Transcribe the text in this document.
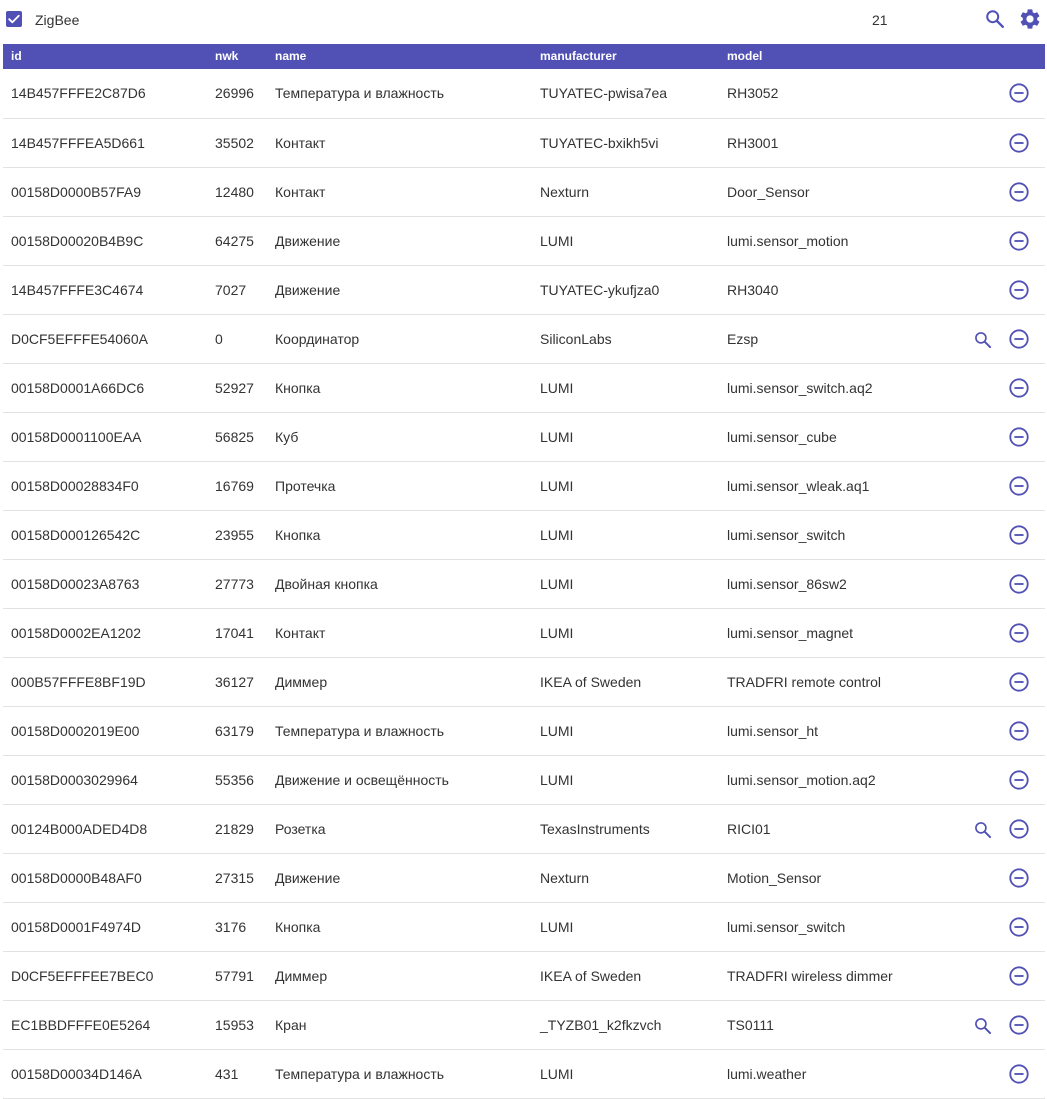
ZigBee	21
id	nwk	name	manufacturer	model	
14B457FFFE2C87D6	26996	Температура и влажность	TUYATEC-pwisa7ea	RH3052	

14B457FFFEA5D661	35502	Контакт	TUYATEC-bxikh5vi	RH3001	

00158D0000B57FA9	12480	Контакт	Nexturn	Door_Sensor	

00158D00020B4B9C	64275	Движение	LUMI	lumi.sensor_motion	

14B457FFFE3C4674	7027	Движение	TUYATEC-ykufjza0	RH3040	

D0CF5EFFFE54060A	0	Координатор	SiliconLabs	Ezsp	

00158D0001A66DC6	52927	Кнопка	LUMI	lumi.sensor_switch.aq2	

00158D0001100EAA	56825	Куб	LUMI	lumi.sensor_cube	

00158D00028834F0	16769	Протечка	LUMI	lumi.sensor_wleak.aq1	

00158D000126542C	23955	Кнопка	LUMI	lumi.sensor_switch	

00158D00023A8763	27773	Двойная кнопка	LUMI	lumi.sensor_86sw2	

00158D0002EA1202	17041	Контакт	LUMI	lumi.sensor_magnet	

000B57FFFE8BF19D	36127	Диммер	IKEA of Sweden	TRADFRI remote control	

00158D0002019E00	63179	Температура и влажность	LUMI	lumi.sensor_ht	

00158D0003029964	55356	Движение и освещённость	LUMI	lumi.sensor_motion.aq2	

00124B000ADED4D8	21829	Розетка	TexasInstruments	RICI01	

00158D0000B48AF0	27315	Движение	Nexturn	Motion_Sensor	

00158D0001F4974D	3176	Кнопка	LUMI	lumi.sensor_switch	

D0CF5EFFFEE7BEC0	57791	Диммер	IKEA of Sweden	TRADFRI wireless dimmer	

EC1BBDFFFE0E5264	15953	Кран	_TYZB01_k2fkzvch	TS0111	

00158D00034D146A	431	Температура и влажность	LUMI	lumi.weather	
